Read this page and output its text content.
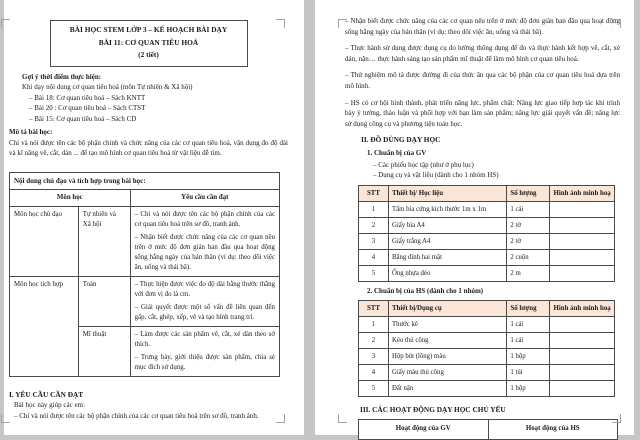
BÀI HỌC STEM LỚP 3 – KẾ HOẠCH BÀI DẠY
BÀI 11: CƠ QUAN TIÊU HOÁ
(2 tiết)
Gợi ý thời điểm thực hiện:
Khi dạy nội dung cơ quan tiêu hoá (môn Tự nhiên & Xã hội)
– Bài 18: Cơ quan tiêu hoá – Sách KNTT
– Bài 20 : Cơ quan tiêu hoá – Sách CTST
– Bài 15: Cơ quan tiêu hoá – Sách CD
Mô tả bài học:
Chỉ và nói được tên các bộ phận chính và chức năng của các cơ quan tiêu hoá, vận dụng đo độ dài và kĩ năng vẽ, cắt, dán ... để tạo mô hình cơ quan tiêu hoá từ vật liệu dễ tìm.
Nội dung chủ đạo và tích hợp trong bài học:		
Môn học		Yêu cầu cần đạt
Môn học chủ đạo	Tự nhiên và Xã hội	– Chỉ và nói được tên các bộ phận chính của các cơ quan tiêu hoá trên sơ đồ, tranh ảnh.
– Nhận biết được chức năng của các cơ quan nêu trên ở mức độ đơn giản ban đầu qua hoạt động sống hằng ngày của bản thân (ví dụ: theo dõi việc ăn, uống và thải bã).

Môn học tích hợp	Toán	– Thực hiện được việc đo độ dài bằng thước thẳng với đơn vị đo là cm.
– Giải quyết được một số vấn đề liên quan đến gấp, cắt, ghép, xếp, vẽ và tạo hình trang trí.

	Mĩ thuật	– Làm được các sản phẩm vẽ, cắt, xé dán theo sở thích.
– Trưng bày, giới thiệu được sản phẩm, chia sẻ mục đích sử dụng.
I. YÊU CẦU CẦN ĐẠT
Bài học này giúp các em:
– Chỉ và nói được tên các bộ phận chính của các cơ quan tiêu hoá trên sơ đồ, tranh ảnh.

– Nhận biết được chức năng của các cơ quan nêu trên ở mức độ đơn giản ban đầu qua hoạt động sống hằng ngày của bản thân (ví dụ: theo dõi việc ăn, uống và thải bã).

– Thực hành sử dụng được dụng cụ đo lường thông dụng để đo và thực hành kết hợp vẽ, cắt, xé dán, nặn… thực hành sáng tạo sản phẩm mĩ thuật để làm mô hình cơ quan tiêu hoá.

– Thử nghiệm mô tả được đường đi của thức ăn qua các bộ phận của cơ quan tiêu hoá dựa trên mô hình.

– HS có cơ hội hình thành, phát triển năng lực, phẩm chất: Năng lực giao tiếp hợp tác khi trình bày ý tưởng, thảo luận và phối hợp với bạn làm sản phẩm; năng lực giải quyết vấn đề; năng lực sử dụng công cụ và phương tiện toán học.

II. ĐỒ DÙNG DẠY HỌC
1. Chuẩn bị của GV
– Các phiếu học tập (như ở phụ lục)
– Dụng cụ và vật liệu (dành cho 1 nhóm HS)
STT	Thiết bị/ Học liệu	Số lượng	Hình ảnh minh hoạ
1	Tấm bìa cứng kích thước 1m x 1m	1 cái	
2	Giấy bìa A4	2 tờ	
3	Giấy trắng A4	2 tờ	
4	Băng dính hai mặt	2 cuộn	
5	Ống nhựa dẻo	2 m	
2. Chuẩn bị của HS (dành cho 1 nhóm)
STT	Thiết bị/Dụng cụ	Số lượng	Hình ảnh minh hoạ
1	Thước kẻ	1 cái	
2	Kéo thủ công	1 cái	
3	Hộp bút (lông) màu	1 hộp	
4	Giấy màu thủ công	1 túi	
5	Đất nặn	1 hộp	
III. CÁC HOẠT ĐỘNG DẠY HỌC CHỦ YẾU
Hoạt động của GV	Hoạt động của HS
